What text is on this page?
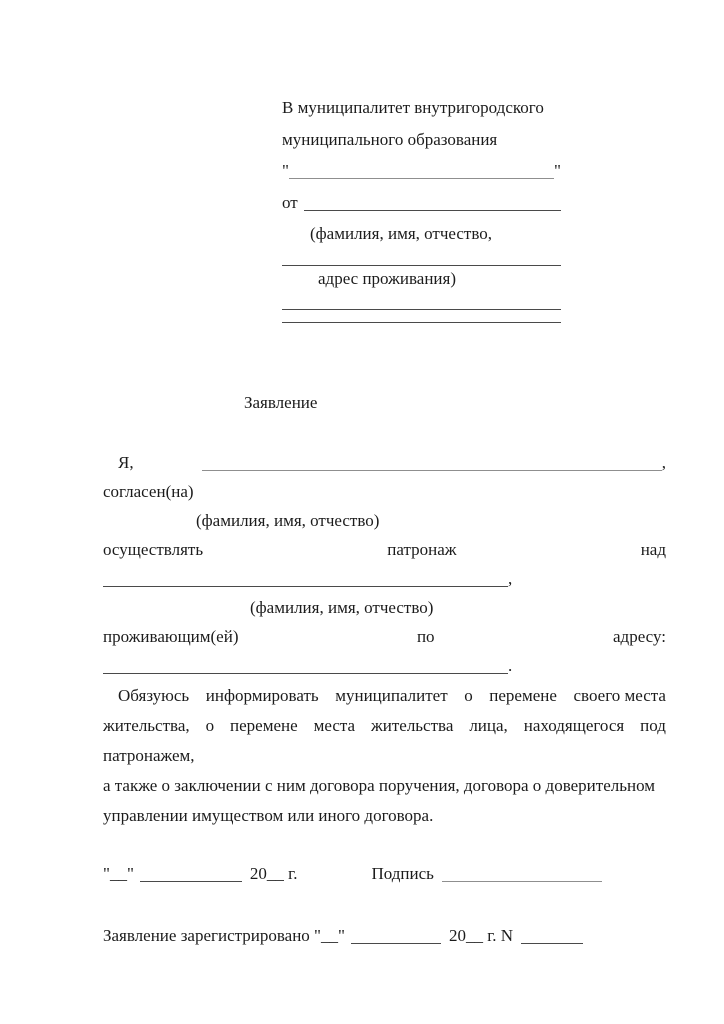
В муниципалитет внутригородского
муниципального образования
"	"
от
(фамилия, имя, отчество,
адрес проживания)
Заявление
Я,	,
согласен(на)
(фамилия, имя, отчество)
осуществлять	патронаж	над
,
(фамилия, имя, отчество)
проживающим(ей)	по	адресу:
.
Обязуюсь информировать муниципалитет о перемене своего места
жительства, о перемене места жительства лица, находящегося под
патронажем,
а также о заключении с ним договора поручения, договора о доверительном
управлении имуществом или иного договора.
"__"	20__ г.	Подпись
Заявление зарегистрировано "__"	20__ г. N
